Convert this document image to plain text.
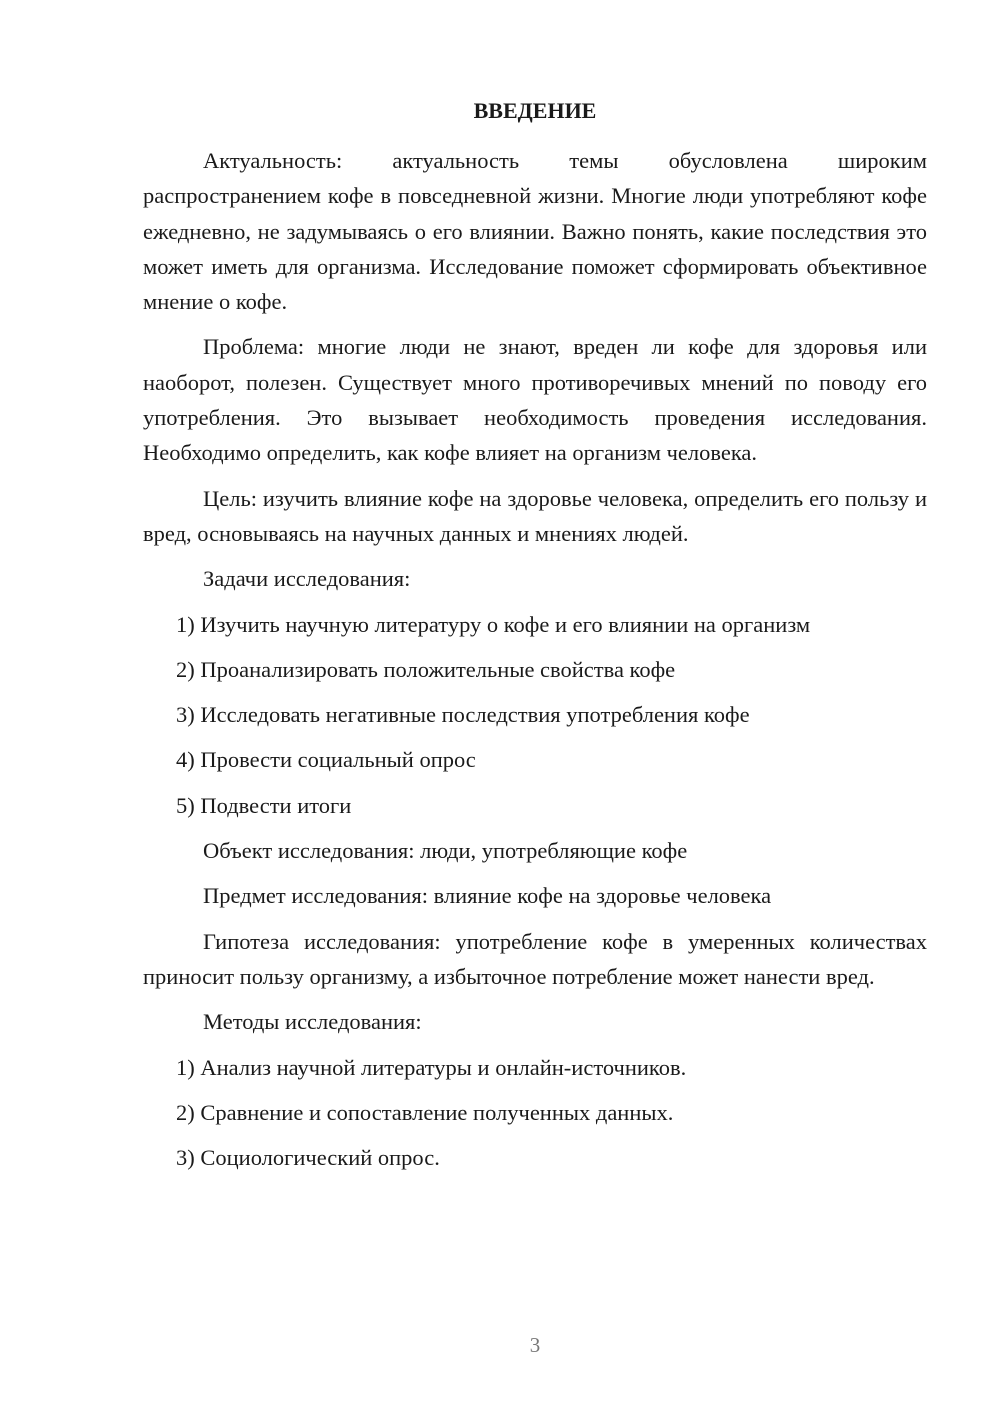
ВВЕДЕНИЕ

Актуальность: актуальность темы обусловлена широким распространением кофе в повседневной жизни. Многие люди употребляют кофе ежедневно, не задумываясь о его влиянии. Важно понять, какие последствия это может иметь для организма. Исследование поможет сформировать объективное мнение о кофе.

Проблема: многие люди не знают, вреден ли кофе для здоровья или наоборот, полезен. Существует много противоречивых мнений по поводу его употребления. Это вызывает необходимость проведения исследования. Необходимо определить, как кофе влияет на организм человека.

Цель: изучить влияние кофе на здоровье человека, определить его пользу и вред, основываясь на научных данных и мнениях людей.

Задачи исследования:

1) Изучить научную литературу о кофе и его влиянии на организм
2) Проанализировать положительные свойства кофе
3) Исследовать негативные последствия употребления кофе
4) Провести социальный опрос
5) Подвести итоги

Объект исследования: люди, употребляющие кофе

Предмет исследования: влияние кофе на здоровье человека

Гипотеза исследования: употребление кофе в умеренных количествах приносит пользу организму, а избыточное потребление может нанести вред.

Методы исследования:

1) Анализ научной литературы и онлайн-источников.
2) Сравнение и сопоставление полученных данных.
3) Социологический опрос.
3
